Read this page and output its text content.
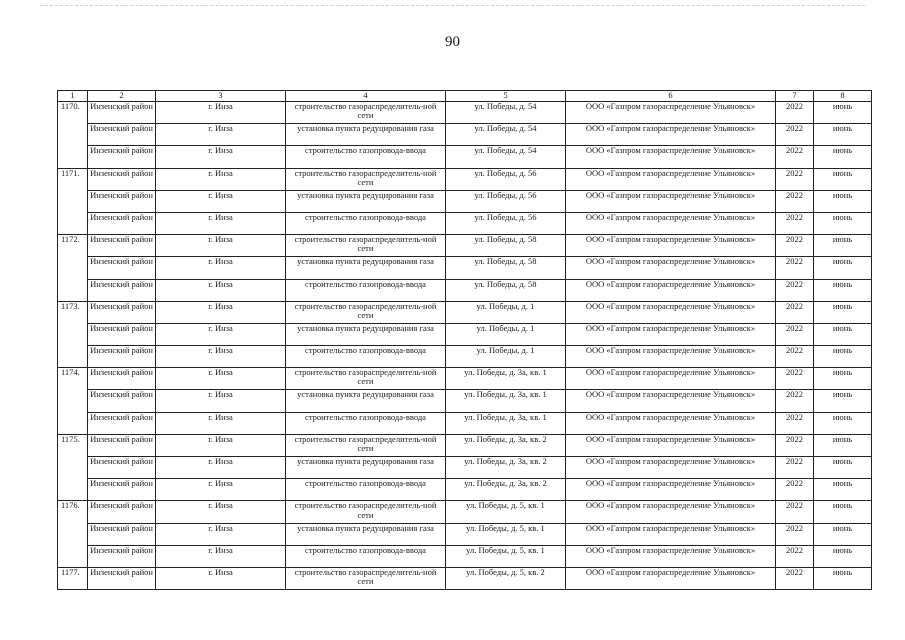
90
1	2	3	4	5	6	7	8
1170.	Инзенский район	г. Инза	строительство газораспределитель-ной сети	ул. Победы, д. 54	ООО «Газпром газораспределение Ульяновск»	2022	июнь
	Инзенский район	г. Инза	установка пункта редуцирования газа	ул. Победы, д. 54	ООО «Газпром газораспределение Ульяновск»	2022	июнь
	Инзенский район	г. Инза	строительство газопровода-ввода	ул. Победы, д. 54	ООО «Газпром газораспределение Ульяновск»	2022	июнь
1171.	Инзенский район	г. Инза	строительство газораспределитель-ной сети	ул. Победы, д. 56	ООО «Газпром газораспределение Ульяновск»	2022	июнь
	Инзенский район	г. Инза	установка пункта редуцирования газа	ул. Победы, д. 56	ООО «Газпром газораспределение Ульяновск»	2022	июнь
	Инзенский район	г. Инза	строительство газопровода-ввода	ул. Победы, д. 56	ООО «Газпром газораспределение Ульяновск»	2022	июнь
1172.	Инзенский район	г. Инза	строительство газораспределитель-ной сети	ул. Победы, д. 58	ООО «Газпром газораспределение Ульяновск»	2022	июнь
	Инзенский район	г. Инза	установка пункта редуцирования газа	ул. Победы, д. 58	ООО «Газпром газораспределение Ульяновск»	2022	июнь
	Инзенский район	г. Инза	строительство газопровода-ввода	ул. Победы, д. 58	ООО «Газпром газораспределение Ульяновск»	2022	июнь
1173.	Инзенский район	г. Инза	строительство газораспределитель-ной сети	ул. Победы, д. 1	ООО «Газпром газораспределение Ульяновск»	2022	июнь
	Инзенский район	г. Инза	установка пункта редуцирования газа	ул. Победы, д. 1	ООО «Газпром газораспределение Ульяновск»	2022	июнь
	Инзенский район	г. Инза	строительство газопровода-ввода	ул. Победы, д. 1	ООО «Газпром газораспределение Ульяновск»	2022	июнь
1174.	Инзенский район	г. Инза	строительство газораспределитель-ной сети	ул. Победы, д. 3а, кв. 1	ООО «Газпром газораспределение Ульяновск»	2022	июнь
	Инзенский район	г. Инза	установка пункта редуцирования газа	ул. Победы, д. 3а, кв. 1	ООО «Газпром газораспределение Ульяновск»	2022	июнь
	Инзенский район	г. Инза	строительство газопровода-ввода	ул. Победы, д. 3а, кв. 1	ООО «Газпром газораспределение Ульяновск»	2022	июнь
1175.	Инзенский район	г. Инза	строительство газораспределитель-ной сети	ул. Победы, д. 3а, кв. 2	ООО «Газпром газораспределение Ульяновск»	2022	июнь
	Инзенский район	г. Инза	установка пункта редуцирования газа	ул. Победы, д. 3а, кв. 2	ООО «Газпром газораспределение Ульяновск»	2022	июнь
	Инзенский район	г. Инза	строительство газопровода-ввода	ул. Победы, д. 3а, кв. 2	ООО «Газпром газораспределение Ульяновск»	2022	июнь
1176.	Инзенский район	г. Инза	строительство газораспределитель-ной сети	ул. Победы, д. 5, кв. 1	ООО «Газпром газораспределение Ульяновск»	2022	июнь
	Инзенский район	г. Инза	установка пункта редуцирования газа	ул. Победы, д. 5, кв. 1	ООО «Газпром газораспределение Ульяновск»	2022	июнь
	Инзенский район	г. Инза	строительство газопровода-ввода	ул. Победы, д. 5, кв. 1	ООО «Газпром газораспределение Ульяновск»	2022	июнь
1177.	Инзенский район	г. Инза	строительство газораспределитель-ной сети	ул. Победы, д. 5, кв. 2	ООО «Газпром газораспределение Ульяновск»	2022	июнь
